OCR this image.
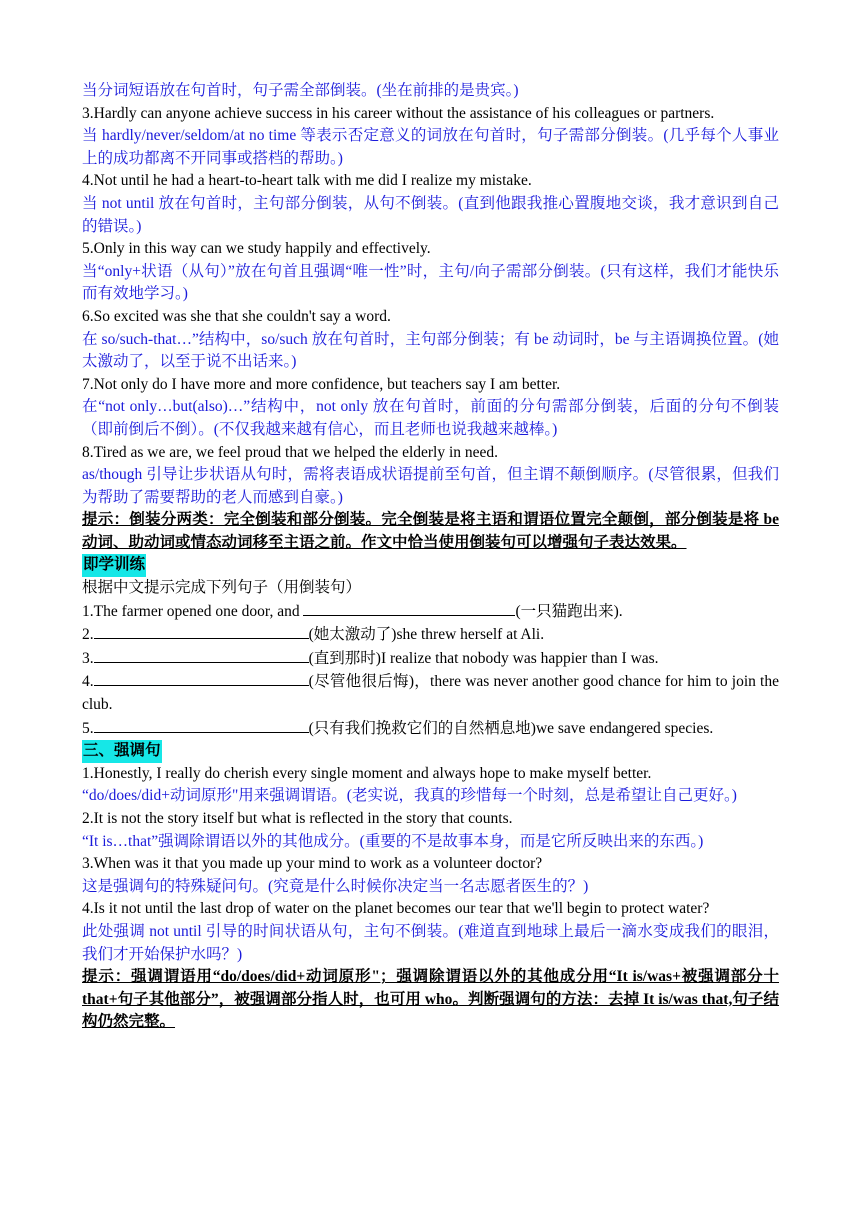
当分词短语放在句首时，句子需全部倒装。(坐在前排的是贵宾。)

3.Hardly can anyone achieve success in his career without the assistance of his colleagues or partners.

当 hardly/never/seldom/at no time 等表示否定意义的词放在句首时，句子需部分倒装。(几乎每个人事业上的成功都离不开同事或搭档的帮助。)

4.Not until he had a heart-to-heart talk with me did I realize my mistake.

当 not until 放在句首时，主句部分倒装，从句不倒装。(直到他跟我推心置腹地交谈，我才意识到自己的错误。)

5.Only in this way can we study happily and effectively.

当“only+状语（从句）”放在句首且强调“唯一性”时，主句/向子需部分倒装。(只有这样，我们才能快乐而有效地学习。)

6.So excited was she that she couldn't say a word.

在 so/such-that…”结构中，so/such 放在句首时，主句部分倒装；有 be 动词时，be 与主语调换位置。(她太激动了，以至于说不出话来。)

7.Not only do I have more and more confidence, but teachers say I am better.

在“not only…but(also)…”结构中，not only 放在句首时，前面的分句需部分倒装，后面的分句不倒装（即前倒后不倒）。(不仅我越来越有信心，而且老师也说我越来越棒。)

8.Tired as we are, we feel proud that we helped the elderly in need.

as/though 引导让步状语从句时，需将表语成状语提前至句首，但主谓不颠倒顺序。(尽管很累，但我们为帮助了需要帮助的老人而感到自豪。)

提示：倒装分两类：完全倒装和部分倒装。完全倒装是将主语和谓语位置完全颠倒，部分倒装是将 be 动词、助动词或情态动词移至主语之前。作文中恰当使用倒装句可以增强句子表达效果。

即学训练

根据中文提示完成下列句子（用倒装句）

1.The farmer opened one door, and	(一只猫跑出来).

2.	(她太激动了)she threw herself at Ali.

3.	(直到那时)I realize that nobody was happier than I was.

4.	(尽管他很后悔)，there was never another good chance for him to join the club.

5.	(只有我们挽救它们的自然栖息地)we save endangered species.

三、强调句

1.Honestly, I really do cherish every single moment and always hope to make myself better.

“do/does/did+动词原形"用来强调谓语。(老实说，我真的珍惜每一个时刻，总是希望让自己更好。)

2.It is not the story itself but what is reflected in the story that counts.

“It is…that”强调除谓语以外的其他成分。(重要的不是故事本身，而是它所反映出来的东西。)

3.When was it that you made up your mind to work as a volunteer doctor?

这是强调句的特殊疑问句。(究竟是什么时候你决定当一名志愿者医生的？)

4.Is it not until the last drop of water on the planet becomes our tear that we'll begin to protect water?

此处强调 not until 引导的时间状语从句，主句不倒装。(难道直到地球上最后一滴水变成我们的眼泪，我们才开始保护水吗？)

提示：强调谓语用“do/does/did+动词原形"；强调除谓语以外的其他成分用“It is/was+被强调部分十 that+句子其他部分”，被强调部分指人时，也可用 who。判断强调句的方法：去掉 It is/was that,句子结构仍然完整。
